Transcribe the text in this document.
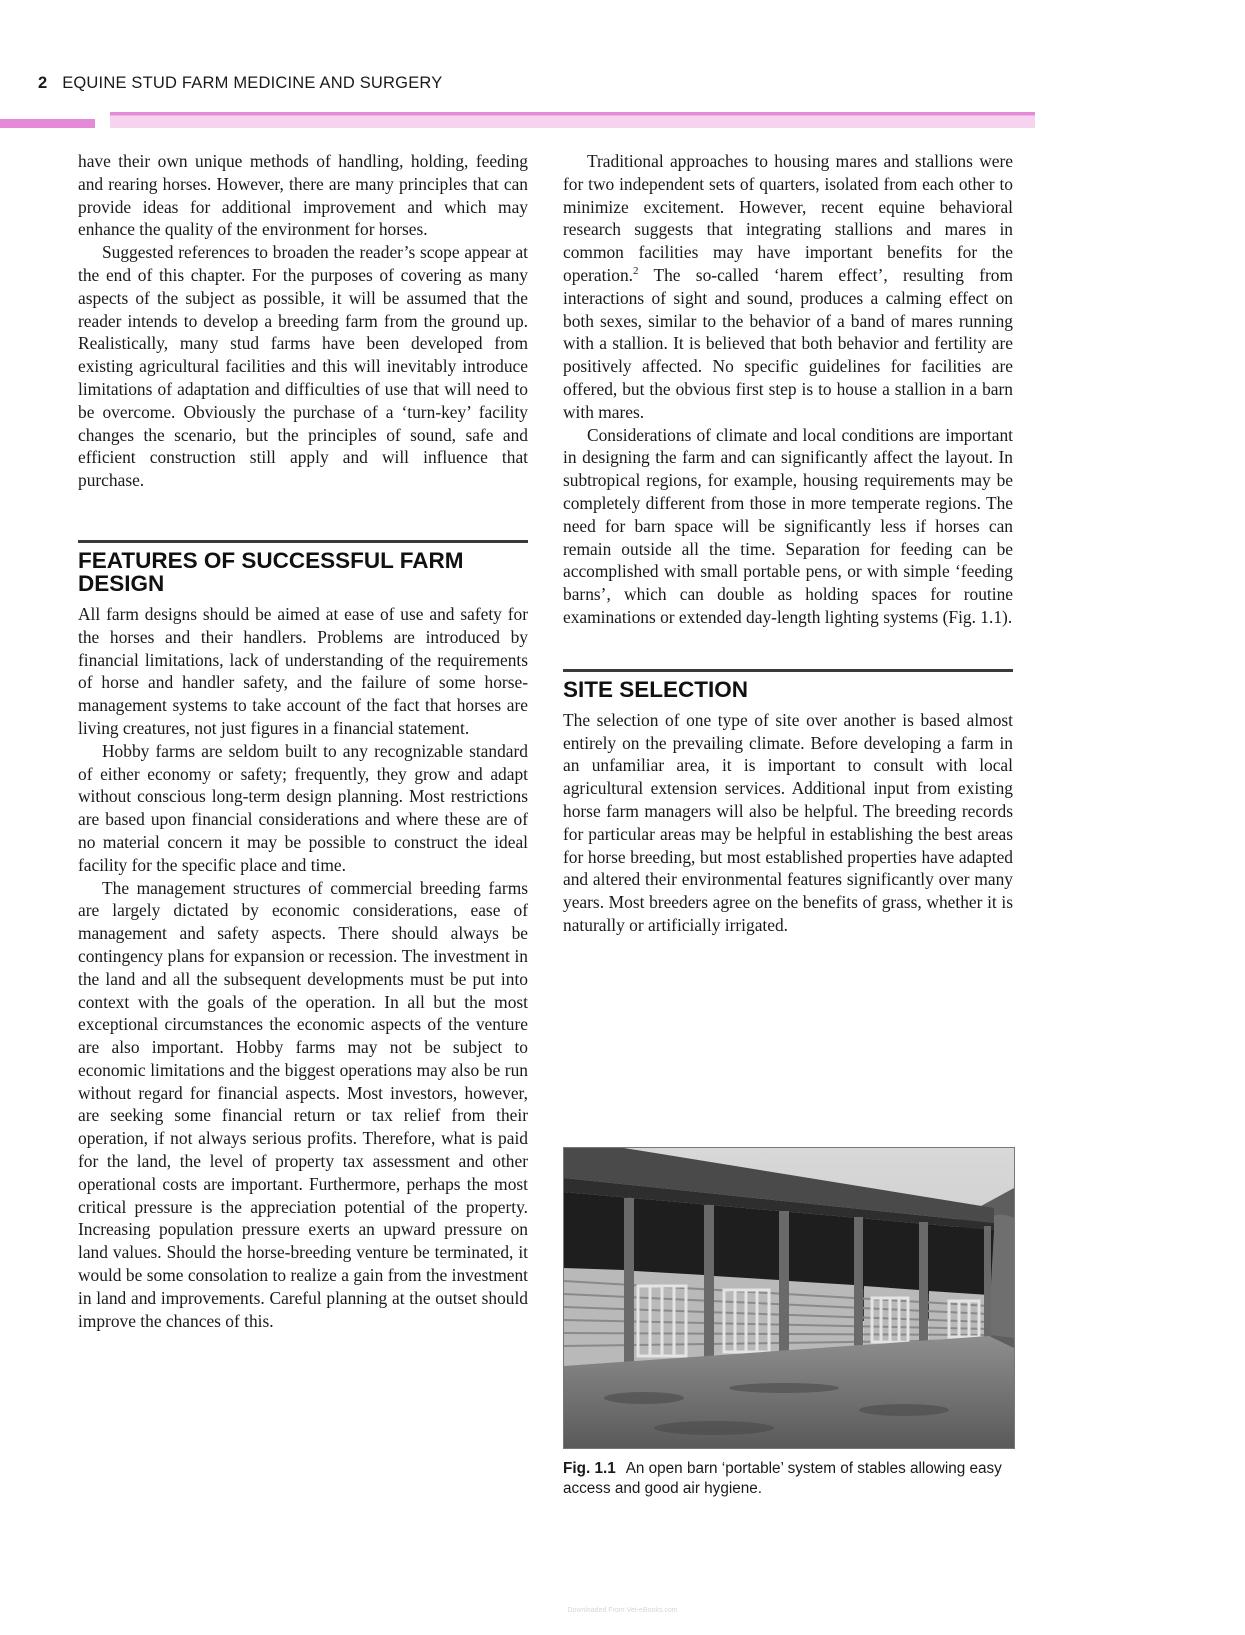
2 EQUINE STUD FARM MEDICINE AND SURGERY

have their own unique methods of handling, holding, feeding and rearing horses. However, there are many principles that can provide ideas for additional improvement and which may enhance the quality of the environment for horses.

Suggested references to broaden the reader’s scope appear at the end of this chapter. For the purposes of covering as many aspects of the subject as possible, it will be assumed that the reader intends to develop a breeding farm from the ground up. Realistically, many stud farms have been developed from existing agricultural facilities and this will inevitably introduce limitations of adaptation and difficulties of use that will need to be overcome. Obviously the purchase of a ‘turn-key’ facility changes the scenario, but the principles of sound, safe and efficient construction still apply and will influence that purchase.

FEATURES OF SUCCESSFUL FARM DESIGN

All farm designs should be aimed at ease of use and safety for the horses and their handlers. Problems are introduced by financial limitations, lack of understanding of the requirements of horse and handler safety, and the failure of some horse-management systems to take account of the fact that horses are living creatures, not just figures in a financial statement.

Hobby farms are seldom built to any recognizable standard of either economy or safety; frequently, they grow and adapt without conscious long-term design planning. Most restrictions are based upon financial considerations and where these are of no material concern it may be possible to construct the ideal facility for the specific place and time.

The management structures of commercial breeding farms are largely dictated by economic considerations, ease of management and safety aspects. There should always be contingency plans for expansion or recession. The investment in the land and all the subsequent developments must be put into context with the goals of the operation. In all but the most exceptional circumstances the economic aspects of the venture are also important. Hobby farms may not be subject to economic limitations and the biggest operations may also be run without regard for financial aspects. Most investors, however, are seeking some financial return or tax relief from their operation, if not always serious profits. Therefore, what is paid for the land, the level of property tax assessment and other operational costs are important. Furthermore, perhaps the most critical pressure is the appreciation potential of the property. Increasing population pressure exerts an upward pressure on land values. Should the horse-breeding venture be terminated, it would be some consolation to realize a gain from the investment in land and improvements. Careful planning at the outset should improve the chances of this.

Traditional approaches to housing mares and stallions were for two independent sets of quarters, isolated from each other to minimize excitement. However, recent equine behavioral research suggests that integrating stallions and mares in common facilities may have important benefits for the operation.$^2$ The so-called ‘harem effect’, resulting from interactions of sight and sound, produces a calming effect on both sexes, similar to the behavior of a band of mares running with a stallion. It is believed that both behavior and fertility are positively affected. No specific guidelines for facilities are offered, but the obvious first step is to house a stallion in a barn with mares.

Considerations of climate and local conditions are important in designing the farm and can significantly affect the layout. In subtropical regions, for example, housing requirements may be completely different from those in more temperate regions. The need for barn space will be significantly less if horses can remain outside all the time. Separation for feeding can be accomplished with small portable pens, or with simple ‘feeding barns’, which can double as holding spaces for routine examinations or extended day-length lighting systems (Fig. 1.1).

SITE SELECTION

The selection of one type of site over another is based almost entirely on the prevailing climate. Before developing a farm in an unfamiliar area, it is important to consult with local agricultural extension services. Additional input from existing horse farm managers will also be helpful. The breeding records for particular areas may be helpful in establishing the best areas for horse breeding, but most established properties have adapted and altered their environmental features significantly over many years. Most breeders agree on the benefits of grass, whether it is naturally or artificially irrigated.

Fig. 1.1 An open barn ‘portable’ system of stables allowing easy access and good air hygiene.
Downloaded From Vet-eBooks.com
